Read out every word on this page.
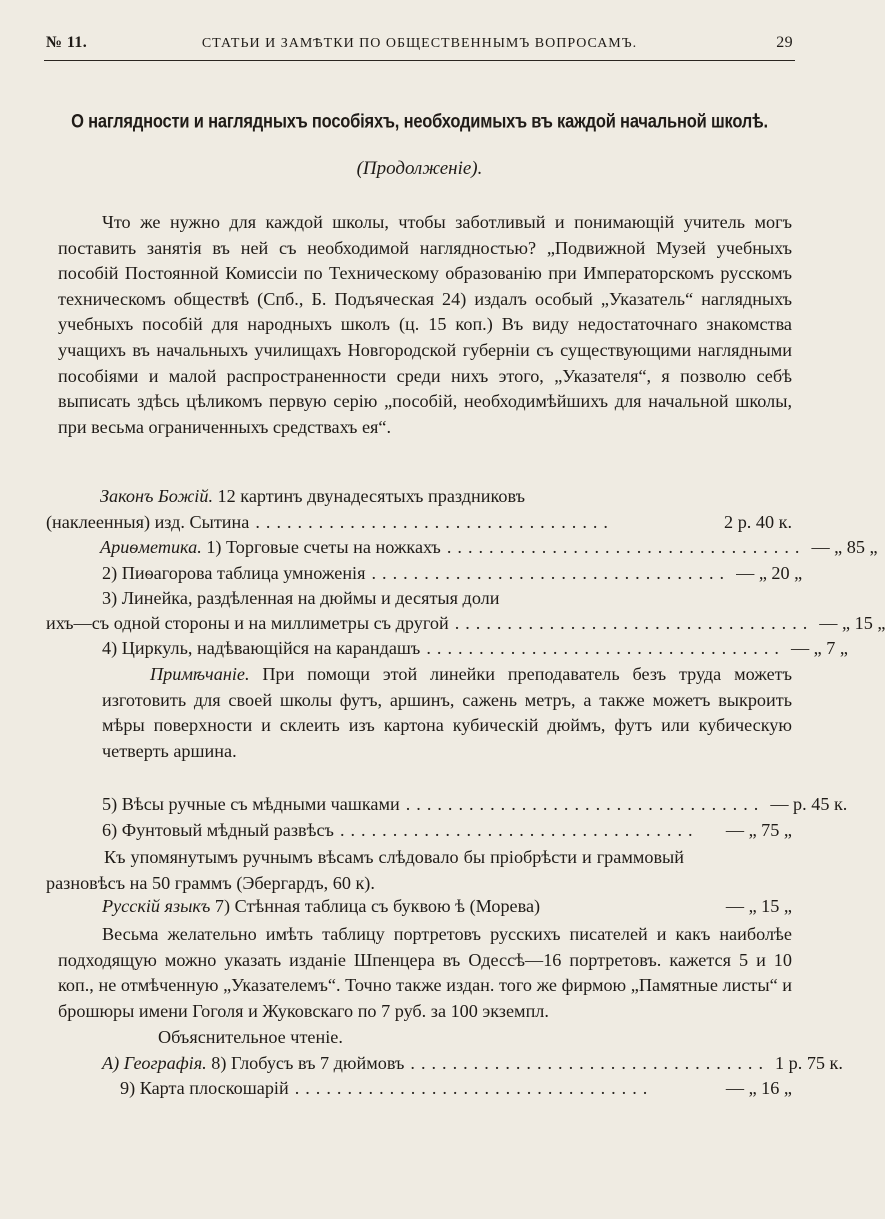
№ 11.	СТАТЬИ И ЗАМѢТКИ ПО ОБЩЕСТВЕННЫМЪ ВОПРОСАМЪ.	29
О наглядности и наглядныхъ пособіяхъ, необходимыхъ въ каждой начальной школѣ.
(Продолженіе).
Что же нужно для каждой школы, чтобы заботливый и понимающій учитель могъ поставить занятія въ ней съ необходимой наглядностью? „Подвижной Музей учебныхъ пособій Постоянной Комиссіи по Техническому образованію при Императорскомъ русскомъ техническомъ обществѣ (Спб., Б. Подъяческая 24) издалъ особый „Указатель“ наглядныхъ учебныхъ пособій для народныхъ школъ (ц. 15 коп.) Въ виду недостаточнаго знакомства учащихъ въ начальныхъ училищахъ Новгородской губерніи съ существующими наглядными пособіями и малой распространенности среди нихъ этого, „Указателя“, я позволю себѣ выписать здѣсь цѣликомъ первую серію „пособій, необходимѣйшихъ для начальной школы, при весьма ограниченныхъ средствахъ ея“.
Законъ Божій. 12 картинъ двунадесятыхъ праздниковъ
(наклеенныя) изд. Сытина ..................................	2 р. 40 к.
Ариѳметика. 1) Торговые счеты на ножкахъ .................................. — „ 85 „
2) Пиѳагорова таблица умноженія .................................. — „ 20 „
3) Линейка, раздѣленная на дюймы и десятыя доли
ихъ—съ одной стороны и на миллиметры съ другой .................................. — „ 15 „
4) Циркуль, надѣвающійся на карандашъ .................................. — „ 7 „
Примѣчаніе. При помощи этой линейки преподаватель безъ труда можетъ изготовить для своей школы футъ, аршинъ, сажень метръ, а также можетъ выкроить мѣры поверхности и склеить изъ картона кубическій дюймъ, футъ или кубическую четверть аршина.
5) Вѣсы ручные съ мѣдными чашками .................................. — р. 45 к.
6) Фунтовый мѣдный развѣсъ ..................................	— „ 75 „
Къ упомянутымъ ручнымъ вѣсамъ слѣдовало бы пріобрѣсти и граммовый разновѣсъ на 50 граммъ (Эбергардъ, 60 к).
Русскій языкъ 7) Стѣнная таблица съ буквою ѣ (Морева)	— „ 15 „
Весьма желательно имѣть таблицу портретовъ русскихъ писателей и какъ наиболѣе подходящую можно указать изданіе Шпенцера въ Одессѣ—16 портретовъ. кажется 5 и 10 коп., не отмѣченную „Указателемъ“. Точно также издан. того же фирмою „Памятные листы“ и брошюры имени Гоголя и Жуковскаго по 7 руб. за 100 экземпл.
Объяснительное чтеніе.
А) Географія. 8) Глобусъ въ 7 дюймовъ .................................. 1 р. 75 к.
9) Карта плоскошарій ..................................	— „ 16 „
